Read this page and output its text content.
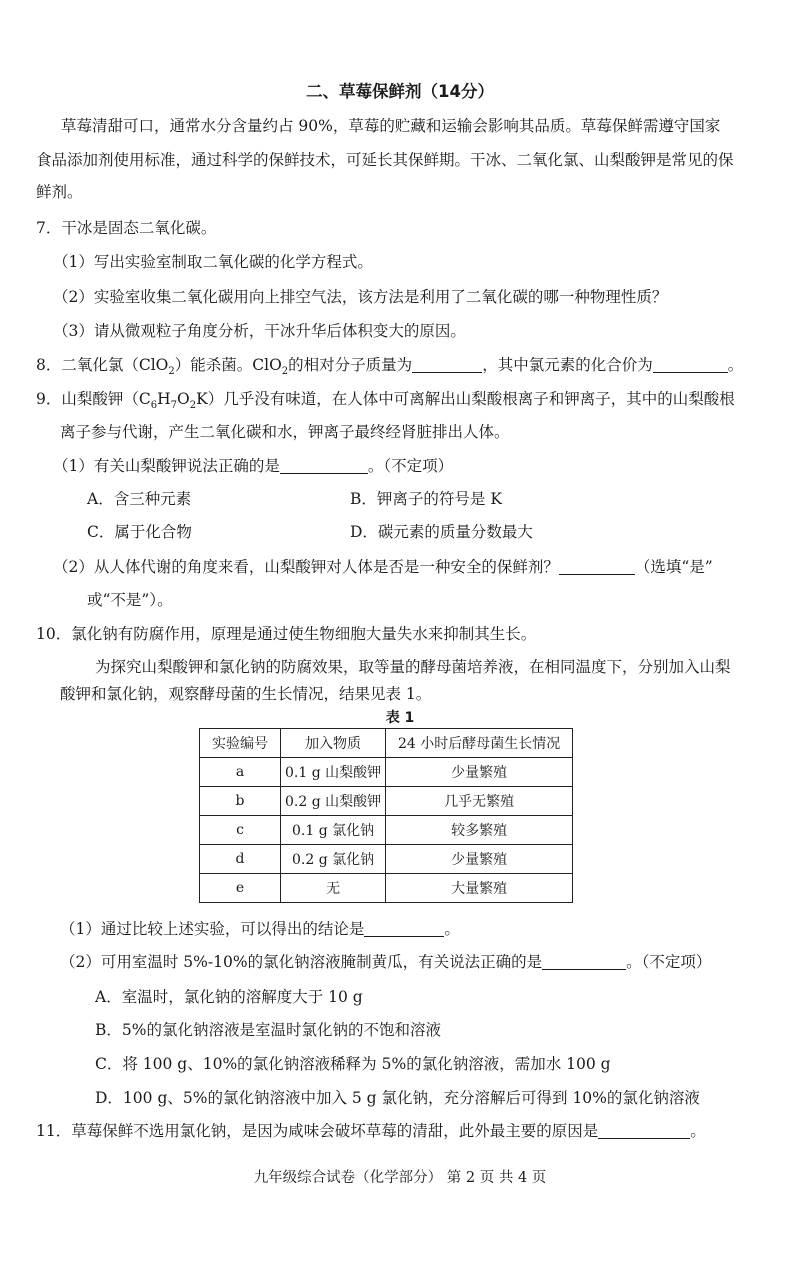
二、草莓保鲜剂（14分）
草莓清甜可口，通常水分含量约占 90%，草莓的贮藏和运输会影响其品质。草莓保鲜需遵守国家
食品添加剂使用标准，通过科学的保鲜技术，可延长其保鲜期。干冰、二氧化氯、山梨酸钾是常见的保
鲜剂。
7．干冰是固态二氧化碳。
（1）写出实验室制取二氧化碳的化学方程式。
（2）实验室收集二氧化碳用向上排空气法，该方法是利用了二氧化碳的哪一种物理性质？
（3）请从微观粒子角度分析，干冰升华后体积变大的原因。
8．二氧化氯（ClO$_2$）能杀菌。ClO$_2$的相对分子质量为	，其中氯元素的化合价为	。
9．山梨酸钾$(C_6H_7O_2K)$几乎没有味道，在人体中可离解出山梨酸根离子和钾离子，其中的山梨酸根
离子参与代谢，产生二氧化碳和水，钾离子最终经肾脏排出人体。
（1）有关山梨酸钾说法正确的是	。（不定项）
A．含三种元素	B．钾离子的符号是 K
C．属于化合物	D．碳元素的质量分数最大
（2）从人体代谢的角度来看，山梨酸钾对人体是否是一种安全的保鲜剂？	（选填“是”
或“不是”）。
10．氯化钠有防腐作用，原理是通过使生物细胞大量失水来抑制其生长。
为探究山梨酸钾和氯化钠的防腐效果，取等量的酵母菌培养液，在相同温度下，分别加入山梨
酸钾和氯化钠，观察酵母菌的生长情况，结果见表 1。
表 1
实验编号	加入物质	24 小时后酵母菌生长情况
a	0.1 g 山梨酸钾	少量繁殖
b	0.2 g 山梨酸钾	几乎无繁殖
c	0.1 g 氯化钠	较多繁殖
d	0.2 g 氯化钠	少量繁殖
e	无	大量繁殖
（1）通过比较上述实验，可以得出的结论是	。
（2）可用室温时 5%-10%的氯化钠溶液腌制黄瓜，有关说法正确的是	。（不定项）
A．室温时，氯化钠的溶解度大于 10 g
B．5%的氯化钠溶液是室温时氯化钠的不饱和溶液
C．将 100 g、10%的氯化钠溶液稀释为 5%的氯化钠溶液，需加水 100 g
D．100 g、5%的氯化钠溶液中加入 5 g 氯化钠，充分溶解后可得到 10%的氯化钠溶液
11．草莓保鲜不选用氯化钠，是因为咸味会破坏草莓的清甜，此外最主要的原因是	。
九年级综合试卷（化学部分） 第 2 页 共 4 页
